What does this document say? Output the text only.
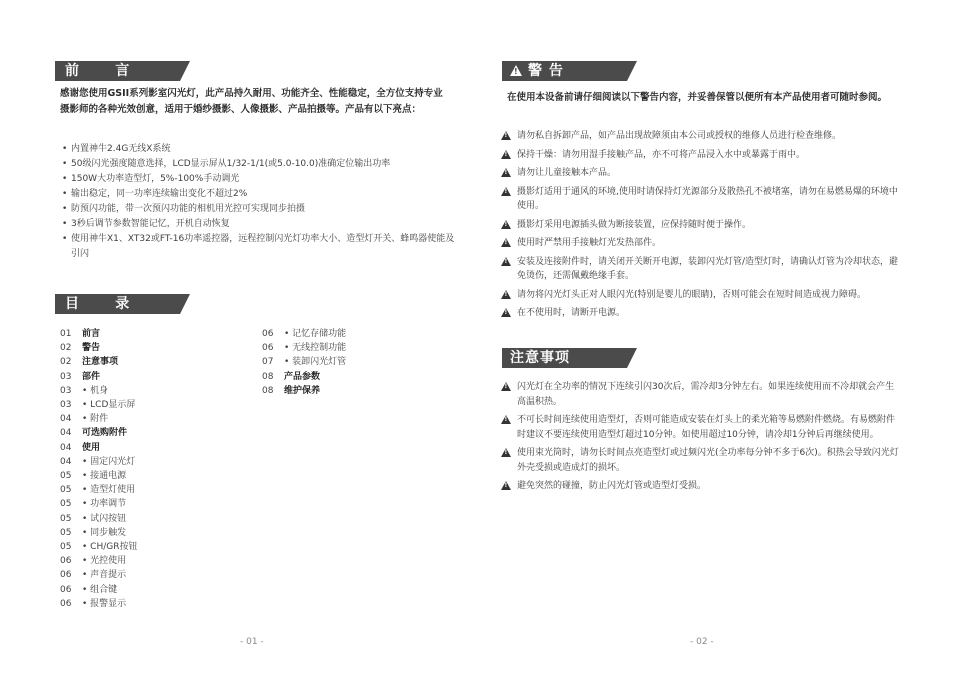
前      言
感谢您使用GSII系列影室闪光灯，此产品持久耐用、功能齐全、性能稳定，全方位支持专业摄影师的各种光效创意，适用于婚纱摄影、人像摄影、产品拍摄等。产品有以下亮点：
• 内置神牛2.4G无线X系统
• 50级闪光强度随意选择，LCD显示屏从1/32-1/1(或5.0-10.0)准确定位输出功率
• 150W大功率造型灯，5%-100%手动调光
• 输出稳定，同一功率连续输出变化不超过2%
• 防预闪功能，带一次预闪功能的相机用光控可实现同步拍摄
• 3秒后调节参数智能记忆，开机自动恢复
• 使用神牛X1、XT32或FT-16功率遥控器，远程控制闪光灯功率大小、造型灯开关、蜂鸣器使能及引闪
目      录
01	前言
02	警告
02	注意事项
03	部件
03	• 机身
03	• LCD显示屏
04	• 附件
04	可选购附件
04	使用
04	• 固定闪光灯
05	• 接通电源
05	• 造型灯使用
05	• 功率调节
05	• 试闪按钮
05	• 同步触发
05	• CH/GR按钮
06	• 光控使用
06	• 声音提示
06	• 组合键
06	• 报警显示
06	• 记忆存储功能
06	• 无线控制功能
07	• 装卸闪光灯管
08	产品参数
08	维护保养
- 01 -
!
警 告
在使用本设备前请仔细阅读以下警告内容，并妥善保管以便所有本产品使用者可随时参阅。
!
请勿私自拆卸产品，如产品出现故障须由本公司或授权的维修人员进行检查维修。
!
保持干燥：请勿用湿手接触产品，亦不可将产品浸入水中或暴露于雨中。
!
请勿让儿童接触本产品。
!
摄影灯适用于通风的环境,使用时请保持灯光源部分及散热孔不被堵塞，请勿在易燃易爆的环境中使用。
!
摄影灯采用电源插头做为断接装置，应保持随时便于操作。
!
使用时严禁用手接触灯光发热部件。
!
安装及连接附件时，请关闭开关断开电源，装卸闪光灯管/造型灯时，请确认灯管为冷却状态，避免烫伤，还需佩戴绝缘手套。
!
请勿将闪光灯头正对人眼闪光(特别是婴儿的眼睛)，否则可能会在短时间造成视力障碍。
!
在不使用时，请断开电源。
注意事项
!
闪光灯在全功率的情况下连续引闪30次后，需冷却3分钟左右。如果连续使用而不冷却就会产生高温积热。
!
不可长时间连续使用造型灯，否则可能造成安装在灯头上的柔光箱等易燃附件燃烧。有易燃附件时建议不要连续使用造型灯超过10分钟。如使用超过10分钟，请冷却1分钟后再继续使用。
!
使用束光筒时，请勿长时间点亮造型灯或过频闪光(全功率每分钟不多于6次)。积热会导致闪光灯外壳受损或造成灯的损坏。
!
避免突然的碰撞，防止闪光灯管或造型灯受损。
- 02 -
